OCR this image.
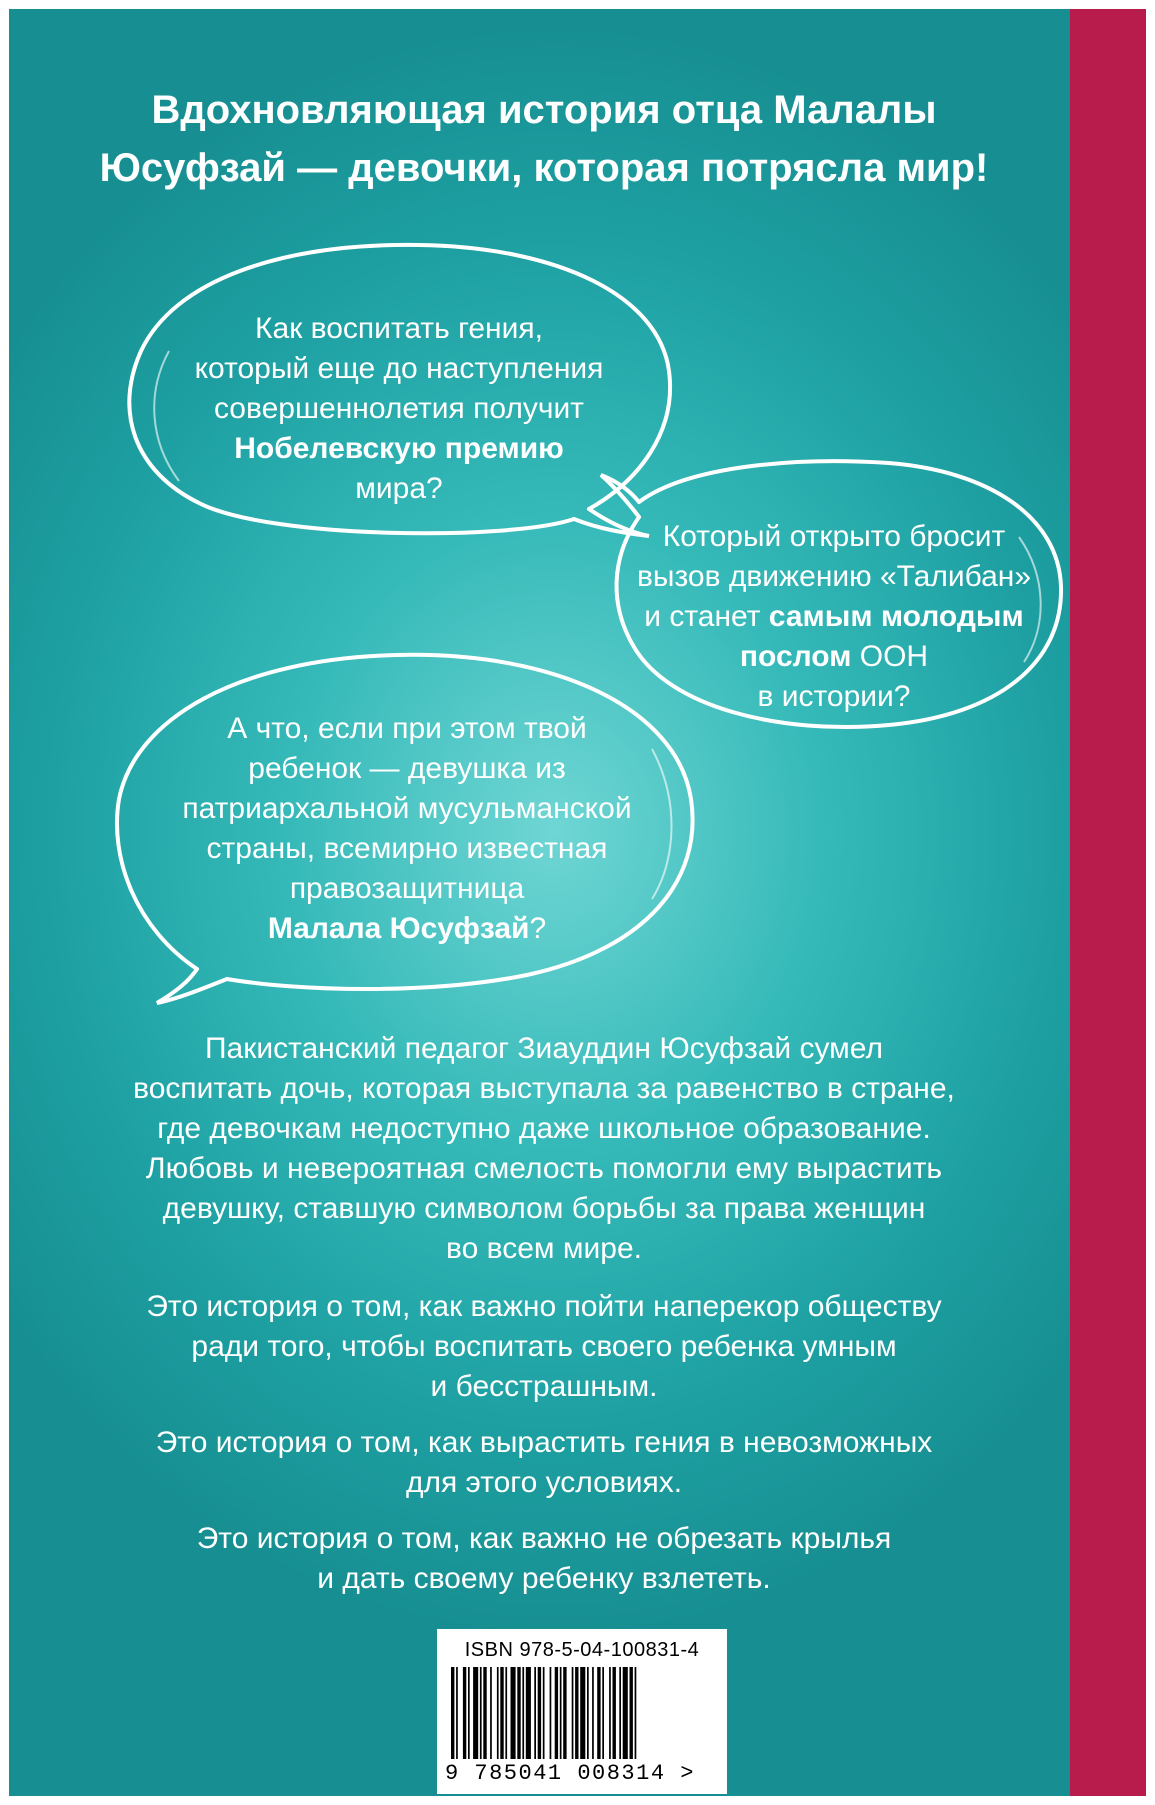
Вдохновляющая история отца Малалы
Юсуфзай — девочки, которая потрясла мир!
Как воспитать гения,
который еще до наступления
совершеннолетия получит
Нобелевскую премию
мира?
Который открыто бросит
вызов движению «Талибан»
и станет самым молодым
послом ООН
в истории?
А что, если при этом твой
ребенок — девушка из
патриархальной мусульманской
страны, всемирно известная
правозащитница
Малала Юсуфзай?

Пакистанский педагог Зиауддин Юсуфзай сумел
воспитать дочь, которая выступала за равенство в стране,
где девочкам недоступно даже школьное образование.
Любовь и невероятная смелость помогли ему вырастить
девушку, ставшую символом борьбы за права женщин
во всем мире.

Это история о том, как важно пойти наперекор обществу
ради того, чтобы воспитать своего ребенка умным
и бесстрашным.

Это история о том, как вырастить гения в невозможных
для этого условиях.

Это история о том, как важно не обрезать крылья
и дать своему ребенку взлететь.

ISBN 978-5-04-100831-4
9 785041 008314 >
